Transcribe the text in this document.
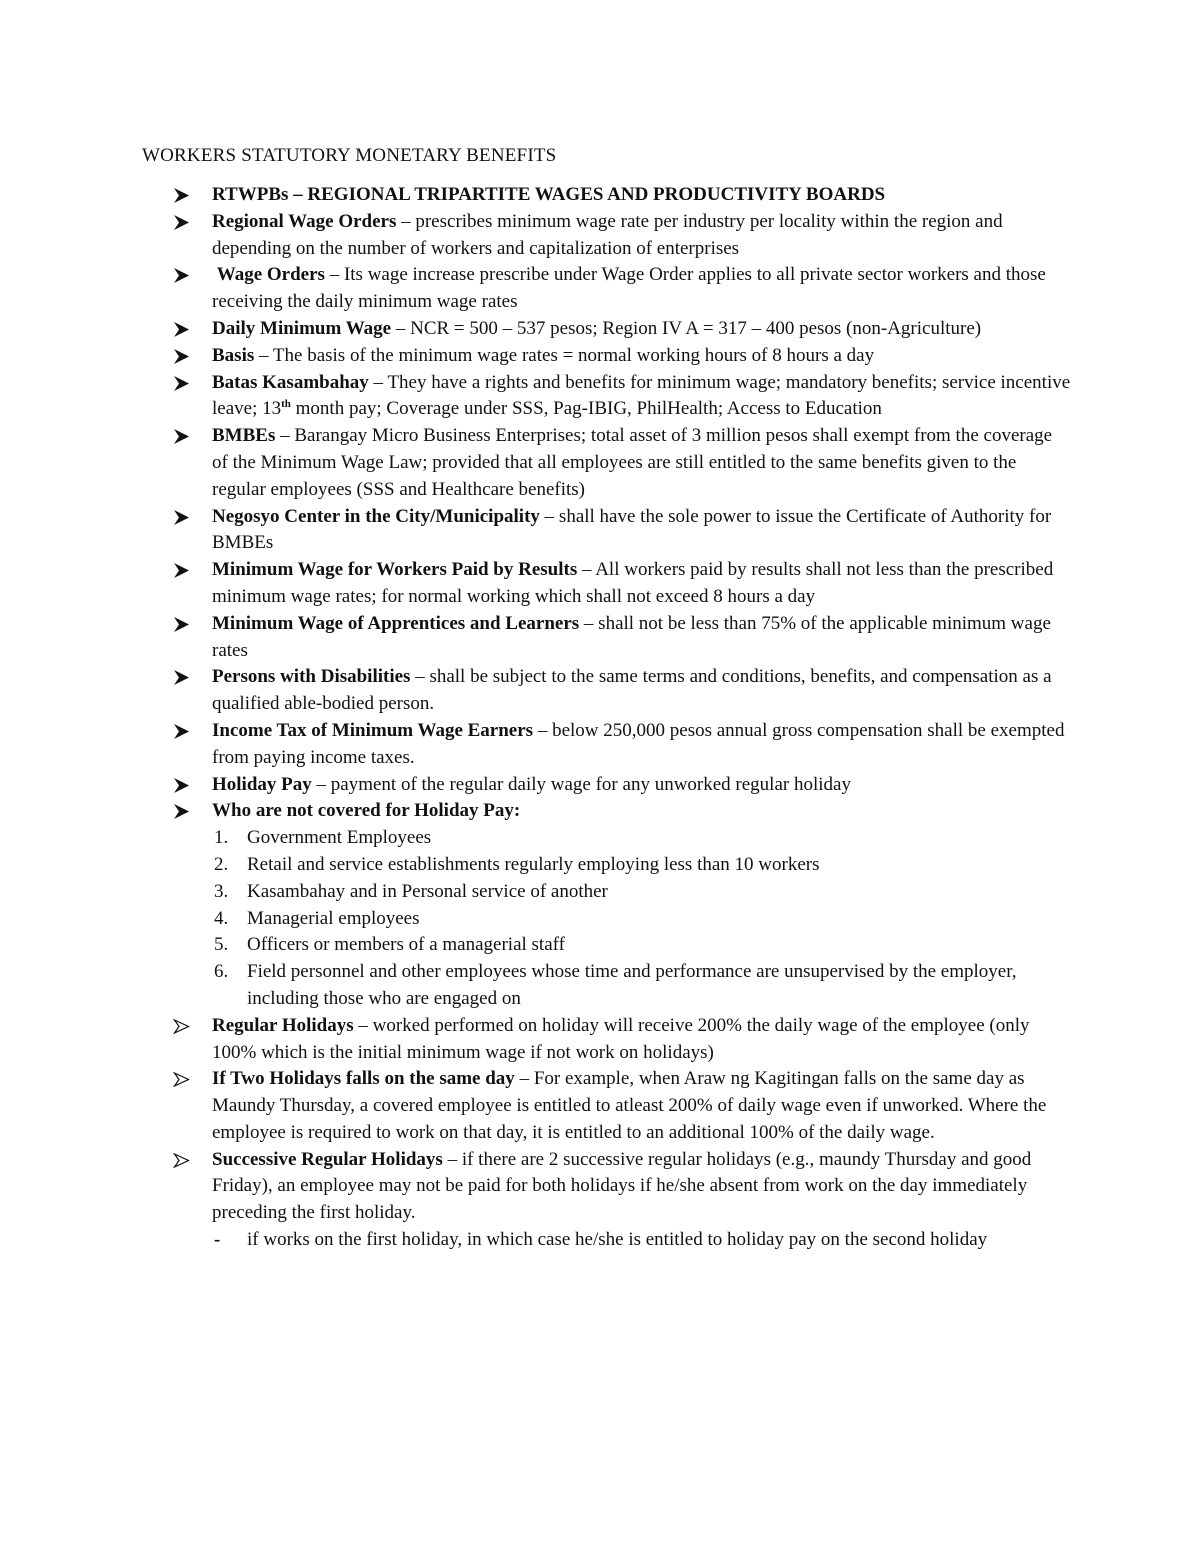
WORKERS STATUTORY MONETARY BENEFITS
RTWPBs – REGIONAL TRIPARTITE WAGES AND PRODUCTIVITY BOARDS
Regional Wage Orders – prescribes minimum wage rate per industry per locality within the region and depending on the number of workers and capitalization of enterprises
Wage Orders – Its wage increase prescribe under Wage Order applies to all private sector workers and those receiving the daily minimum wage rates
Daily Minimum Wage – NCR = 500 – 537 pesos; Region IV A = 317 – 400 pesos (non-Agriculture)
Basis – The basis of the minimum wage rates = normal working hours of 8 hours a day
Batas Kasambahay – They have a rights and benefits for minimum wage; mandatory benefits; service incentive leave; 13th month pay; Coverage under SSS, Pag-IBIG, PhilHealth; Access to Education
BMBEs – Barangay Micro Business Enterprises; total asset of 3 million pesos shall exempt from the coverage of the Minimum Wage Law; provided that all employees are still entitled to the same benefits given to the regular employees (SSS and Healthcare benefits)
Negosyo Center in the City/Municipality – shall have the sole power to issue the Certificate of Authority for BMBEs
Minimum Wage for Workers Paid by Results – All workers paid by results shall not less than the prescribed minimum wage rates; for normal working which shall not exceed 8 hours a day
Minimum Wage of Apprentices and Learners – shall not be less than 75% of the applicable minimum wage rates
Persons with Disabilities – shall be subject to the same terms and conditions, benefits, and compensation as a qualified able-bodied person.
Income Tax of Minimum Wage Earners – below 250,000 pesos annual gross compensation shall be exempted from paying income taxes.
Holiday Pay – payment of the regular daily wage for any unworked regular holiday
Who are not covered for Holiday Pay:
1. Government Employees
2. Retail and service establishments regularly employing less than 10 workers
3. Kasambahay and in Personal service of another
4. Managerial employees
5. Officers or members of a managerial staff
6. Field personnel and other employees whose time and performance are unsupervised by the employer, including those who are engaged on
Regular Holidays – worked performed on holiday will receive 200% the daily wage of the employee (only 100% which is the initial minimum wage if not work on holidays)
If Two Holidays falls on the same day – For example, when Araw ng Kagitingan falls on the same day as Maundy Thursday, a covered employee is entitled to atleast 200% of daily wage even if unworked. Where the employee is required to work on that day, it is entitled to an additional 100% of the daily wage.
Successive Regular Holidays – if there are 2 successive regular holidays (e.g., maundy Thursday and good Friday), an employee may not be paid for both holidays if he/she absent from work on the day immediately preceding the first holiday.
- if works on the first holiday, in which case he/she is entitled to holiday pay on the second holiday
